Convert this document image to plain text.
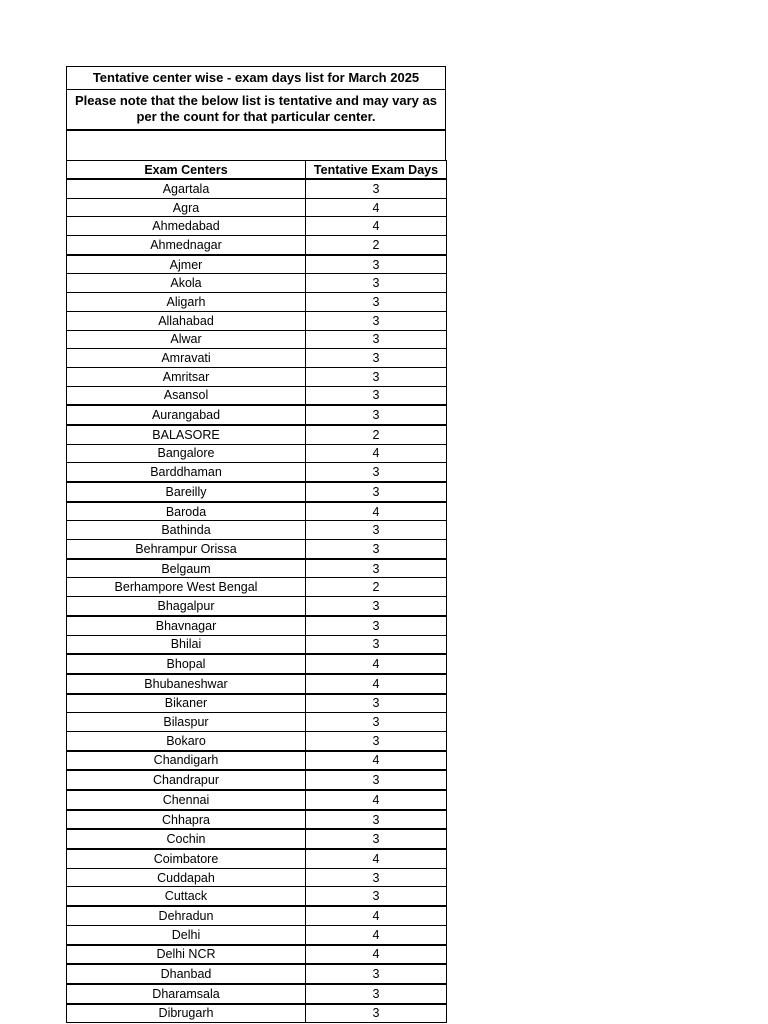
Tentative center wise - exam days list for March 2025
Please note that the below list is tentative and may vary as per the count for that particular center.
Exam Centers	Tentative Exam Days
Agartala	3
Agra	4
Ahmedabad	4
Ahmednagar	2
Ajmer	3
Akola	3
Aligarh	3
Allahabad	3
Alwar	3
Amravati	3
Amritsar	3
Asansol	3
Aurangabad	3
BALASORE	2
Bangalore	4
Barddhaman	3
Bareilly	3
Baroda	4
Bathinda	3
Behrampur Orissa	3
Belgaum	3
Berhampore West Bengal	2
Bhagalpur	3
Bhavnagar	3
Bhilai	3
Bhopal	4
Bhubaneshwar	4
Bikaner	3
Bilaspur	3
Bokaro	3
Chandigarh	4
Chandrapur	3
Chennai	4
Chhapra	3
Cochin	3
Coimbatore	4
Cuddapah	3
Cuttack	3
Dehradun	4
Delhi	4
Delhi NCR	4
Dhanbad	3
Dharamsala	3
Dibrugarh	3
